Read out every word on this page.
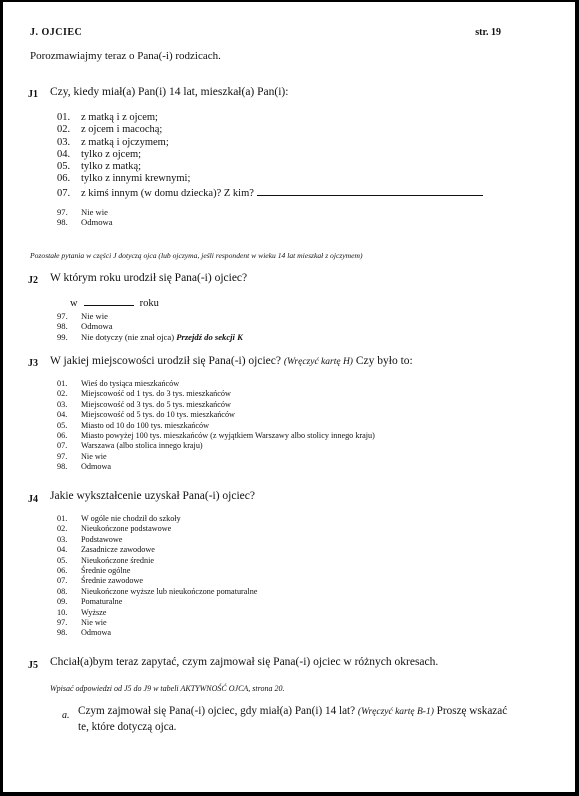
J. OJCIEC	str. 19
Porozmawiajmy teraz o Pana(-i) rodzicach.
J1 Czy, kiedy miał(a) Pan(i) 14 lat, mieszkał(a) Pan(i):
01. z matką i z ojcem;
02. z ojcem i macochą;
03. z matką i ojczymem;
04. tylko z ojcem;
05. tylko z matką;
06. tylko z innymi krewnymi;
07. z kimś innym (w domu dziecka)? Z kim?
97. Nie wie
98. Odmowa
Pozostałe pytania w części J dotyczą ojca (lub ojczyma, jeśli respondent w wieku 14 lat mieszkał z ojczymem)
J2 W którym roku urodził się Pana(-i) ojciec?
w	roku
97. Nie wie
98. Odmowa
99. Nie dotyczy (nie znał ojca) Przejdź do sekcji K
J3 W jakiej miejscowości urodził się Pana(-i) ojciec? (Wręczyć kartę H) Czy było to:
01. Wieś do tysiąca mieszkańców
02. Miejscowość od 1 tys. do 3 tys. mieszkańców
03. Miejscowość od 3 tys. do 5 tys. mieszkańców
04. Miejscowość od 5 tys. do 10 tys. mieszkańców
05. Miasto od 10 do 100 tys. mieszkańców
06. Miasto powyżej 100 tys. mieszkańców (z wyjątkiem Warszawy albo stolicy innego kraju)
07. Warszawa (albo stolica innego kraju)
97. Nie wie
98. Odmowa
J4 Jakie wykształcenie uzyskał Pana(-i) ojciec?
01. W ogóle nie chodził do szkoły
02. Nieukończone podstawowe
03. Podstawowe
04. Zasadnicze zawodowe
05. Nieukończone średnie
06. Średnie ogólne
07. Średnie zawodowe
08. Nieukończone wyższe lub nieukończone pomaturalne
09. Pomaturalne
10. Wyższe
97. Nie wie
98. Odmowa
J5 Chciał(a)bym teraz zapytać, czym zajmował się Pana(-i) ojciec w różnych okresach.
Wpisać odpowiedzi od J5 do J9 w tabeli AKTYWNOŚĆ OJCA, strona 20.
a. Czym zajmował się Pana(-i) ojciec, gdy miał(a) Pan(i) 14 lat? (Wręczyć kartę B-1) Proszę wskazać te, które dotyczą ojca.
